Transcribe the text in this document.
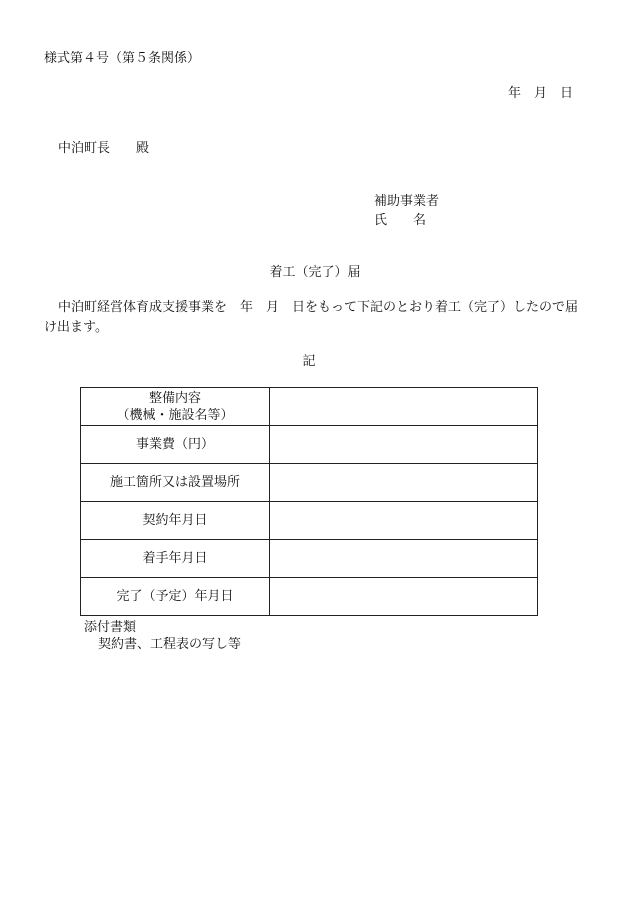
様式第４号（第５条関係）
年　月　日
中泊町長　　殿
補助事業者
氏　　名
着工（完了）届
中泊町経営体育成支援事業を　年　月　日をもって下記のとおり着工（完了）したので届け出ます。
記
整備内容
（機械・施設名等）	
事業費（円）	
施工箇所又は設置場所	
契約年月日	
着手年月日	
完了（予定）年月日	
添付書類
契約書、工程表の写し等
